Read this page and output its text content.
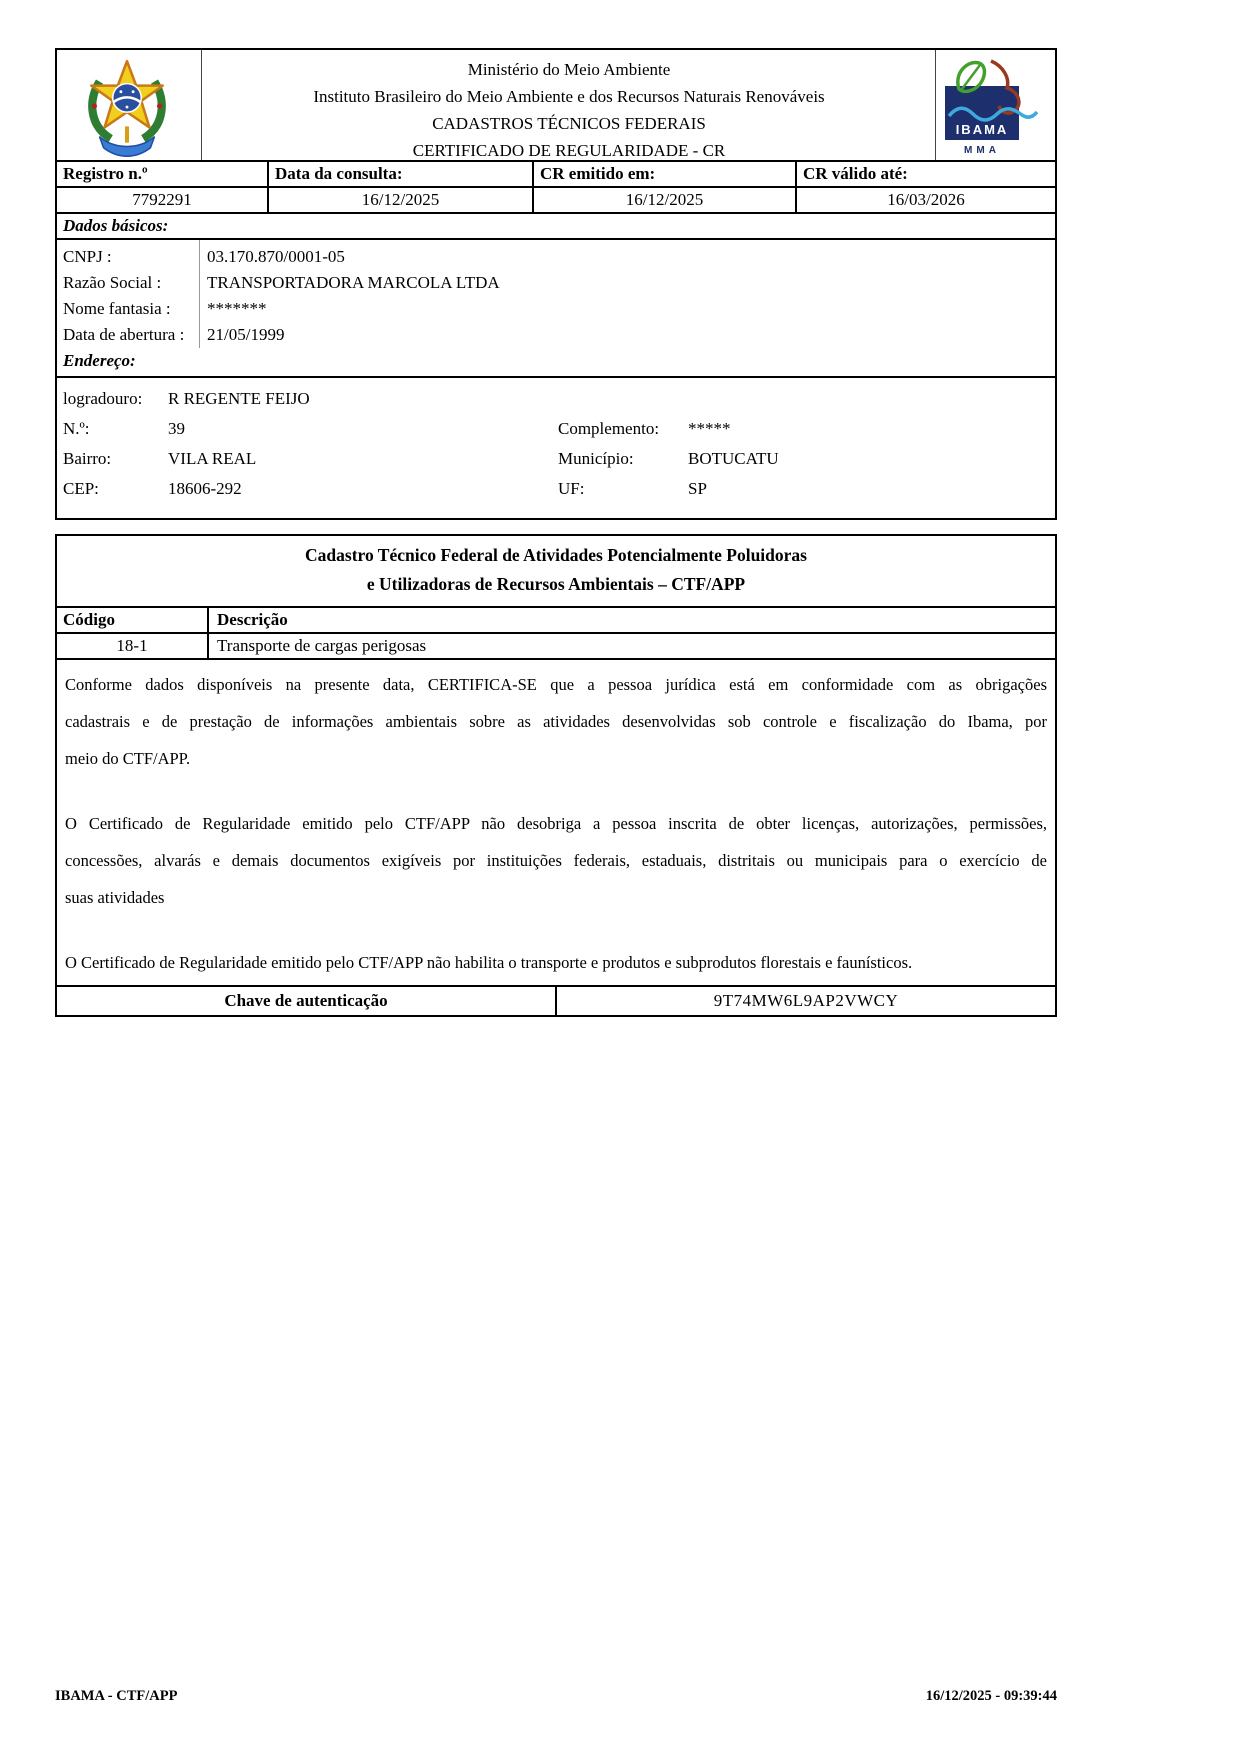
IBAMA
MMA
Ministério do Meio Ambiente
Instituto Brasileiro do Meio Ambiente e dos Recursos Naturais Renováveis
CADASTROS TÉCNICOS FEDERAIS
CERTIFICADO DE REGULARIDADE - CR
Registro n.º	Data da consulta:	CR emitido em:	CR válido até:
7792291	16/12/2025	16/12/2025	16/03/2026
Dados básicos:
CNPJ :	03.170.870/0001-05
Razão Social :	TRANSPORTADORA MARCOLA LTDA
Nome fantasia :	*******
Data de abertura :	21/05/1999
Endereço:
logradouro:	R REGENTE FEIJO
N.º:	39	Complemento:	*****
Bairro:	VILA REAL	Município:	BOTUCATU
CEP:	18606-292	UF:	SP
Cadastro Técnico Federal de Atividades Potencialmente Poluidoras
e Utilizadoras de Recursos Ambientais – CTF/APP
Código	Descrição
18-1	Transporte de cargas perigosas
Conforme dados disponíveis na presente data, CERTIFICA-SE que a pessoa jurídica está em conformidade com as obrigações
cadastrais e de prestação de informações ambientais sobre as atividades desenvolvidas sob controle e fiscalização do Ibama, por
meio do CTF/APP.
O Certificado de Regularidade emitido pelo CTF/APP não desobriga a pessoa inscrita de obter licenças, autorizações, permissões,
concessões, alvarás e demais documentos exigíveis por instituições federais, estaduais, distritais ou municipais para o exercício de
suas atividades
O Certificado de Regularidade emitido pelo CTF/APP não habilita o transporte e produtos e subprodutos florestais e faunísticos.
Chave de autenticação	9T74MW6L9AP2VWCY
IBAMA - CTF/APP	16/12/2025 - 09:39:44
